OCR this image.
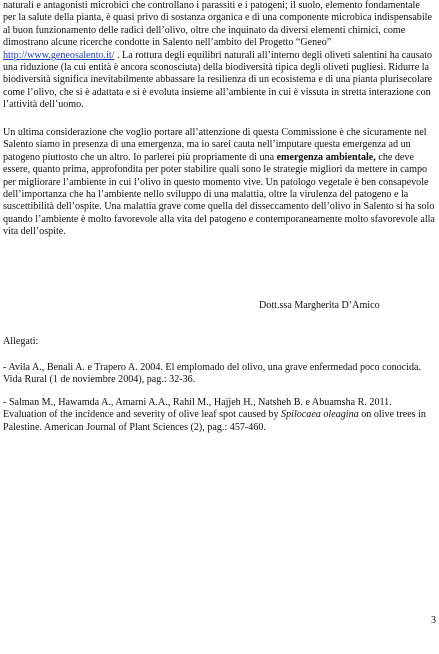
naturali e antagonisti microbici che controllano i parassiti e i patogeni; il suolo, elemento fondamentale per la salute della pianta, è quasi privo di sostanza organica e di una componente microbica indispensabile al buon funzionamento delle radici dell’olivo, oltre che inquinato da diversi elementi chimici, come dimostrano alcune ricerche condotte in Salento nell’ambito del Progetto “Geneo” http://www.geneosalento.it/ . La rottura degli equilibri naturali all’interno degli oliveti salentini ha causato una riduzione (la cui entità è ancora sconosciuta) della biodiversità tipica degli oliveti pugliesi. Ridurre la biodiversità significa inevitabilmente abbassare la resilienza di un ecosistema e di una pianta plurisecolare come l’olivo, che si è adattata e si è evoluta insieme all’ambiente in cui è vissuta in stretta interazione con l’attività dell’uomo.

Un ultima considerazione che voglio portare all’attenzione di questa Commissione è che sicuramente nel Salento siamo in presenza di una emergenza, ma io sarei cauta nell’imputare questa emergenza ad un patogeno piuttosto che un altro. Io parlerei più propriamente di una emergenza ambientale, che deve essere, quanto prima, approfondita per poter stabilire quali sono le strategie migliori da mettere in campo per migliorare l’ambiente in cui l’olivo in questo momento vive. Un patologo vegetale è ben consapevole dell’importanza che ha l’ambiente nello sviluppo di una malattia, oltre la virulenza del patogeno e la suscettibilità dell’ospite. Una malattia grave come quella del disseccamento dell’olivo in Salento si ha solo quando l’ambiente è molto favorevole alla vita del patogeno e contemporaneamente molto sfavorevole alla vita dell’ospite.

Dott.ssa Margherita D’Amico

Allegati:

- Avila A., Benali A. e Trapero A. 2004. El emplomado del olivo, una grave enfermedad poco conocida. Vida Rural (1 de noviembre 2004), pag.: 32-36.

- Salman M., Hawamda A., Amarni A.A., Rahil M., Hajjeh H., Natsheh B. e Abuamsha R. 2011. Evaluation of the incidence and severity of olive leaf spot caused by Spilocaea oleagina on olive trees in Palestine. American Journal of Plant Sciences (2), pag.: 457-460.

3
